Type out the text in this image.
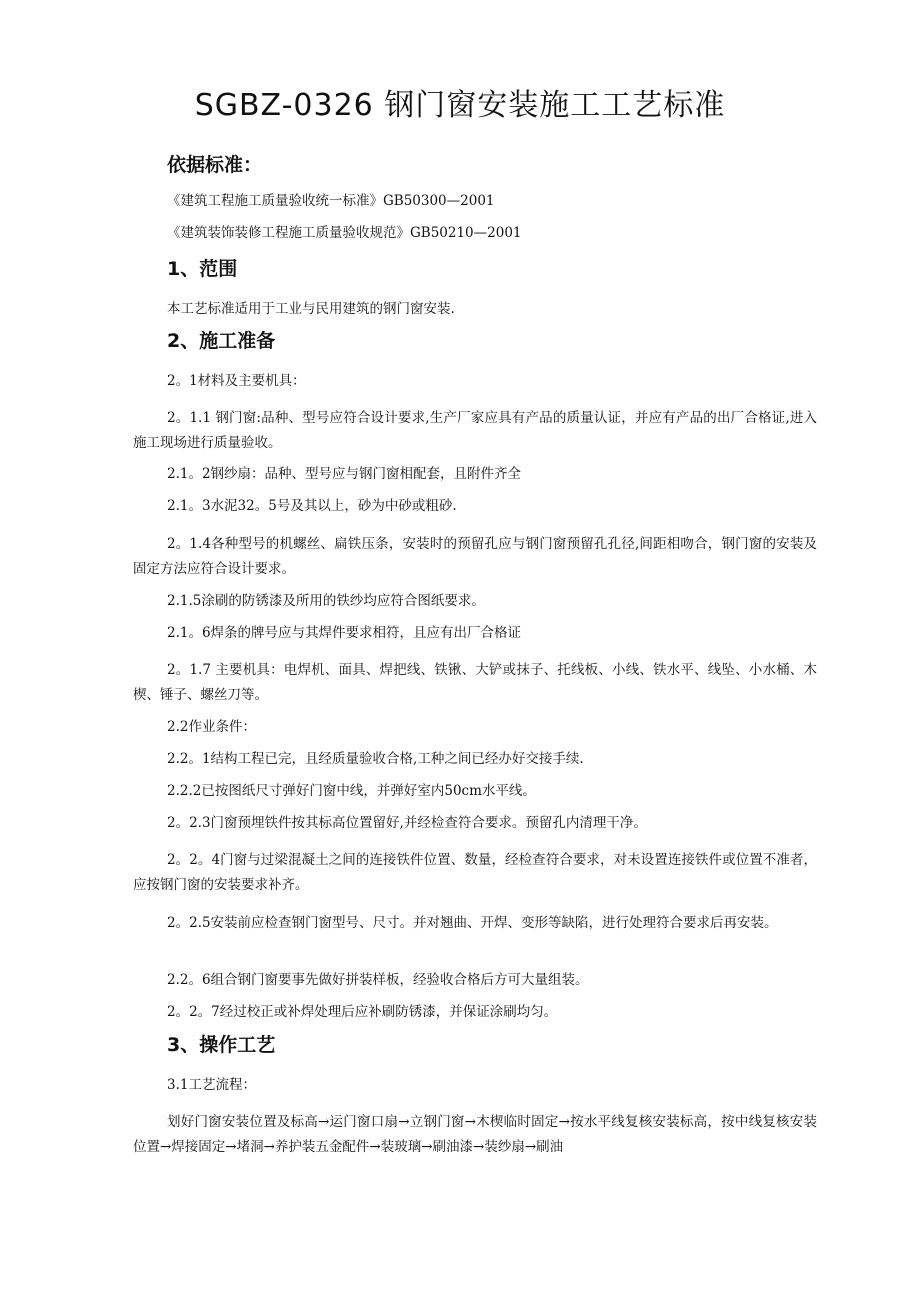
SGBZ-0326 钢门窗安装施工工艺标准
依据标准：
《建筑工程施工质量验收统一标准》GB50300—2001
《建筑装饰装修工程施工质量验收规范》GB50210—2001
1、范围
本工艺标准适用于工业与民用建筑的钢门窗安装.
2、施工准备
2。1材料及主要机具：
2。1.1 钢门窗:品种、型号应符合设计要求,生产厂家应具有产品的质量认证，并应有产品的出厂合格证,进入施工现场进行质量验收。
2.1。2钢纱扇：品种、型号应与钢门窗相配套，且附件齐全
2.1。3水泥32。5号及其以上，砂为中砂或粗砂.
2。1.4各种型号的机螺丝、扁铁压条，安装时的预留孔应与钢门窗预留孔孔径,间距相吻合，钢门窗的安装及固定方法应符合设计要求。
2.1.5涂刷的防锈漆及所用的铁纱均应符合图纸要求。
2.1。6焊条的牌号应与其焊件要求相符，且应有出厂合格证
2。1.7 主要机具：电焊机、面具、焊把线、铁锹、大铲或抹子、托线板、小线、铁水平、线坠、小水桶、木楔、锤子、螺丝刀等。
2.2作业条件：
2.2。1结构工程已完，且经质量验收合格,工种之间已经办好交接手续.
2.2.2已按图纸尺寸弹好门窗中线，并弹好室内50cm水平线。
2。2.3门窗预埋铁件按其标高位置留好,并经检查符合要求。预留孔内清理干净。
2。2。4门窗与过梁混凝土之间的连接铁件位置、数量，经检查符合要求，对未设置连接铁件或位置不准者，应按钢门窗的安装要求补齐。
2。2.5安装前应检查钢门窗型号、尺寸。并对翘曲、开焊、变形等缺陷，进行处理符合要求后再安装。
2.2。6组合钢门窗要事先做好拼装样板，经验收合格后方可大量组装。
2。2。7经过校正或补焊处理后应补刷防锈漆，并保证涂刷均匀。
3、操作工艺
3.1工艺流程：
划好门窗安装位置及标高→运门窗口扇→立钢门窗→木楔临时固定→按水平线复核安装标高，按中线复核安装位置→焊接固定→堵洞→养护装五金配件→装玻璃→刷油漆→装纱扇→刷油
